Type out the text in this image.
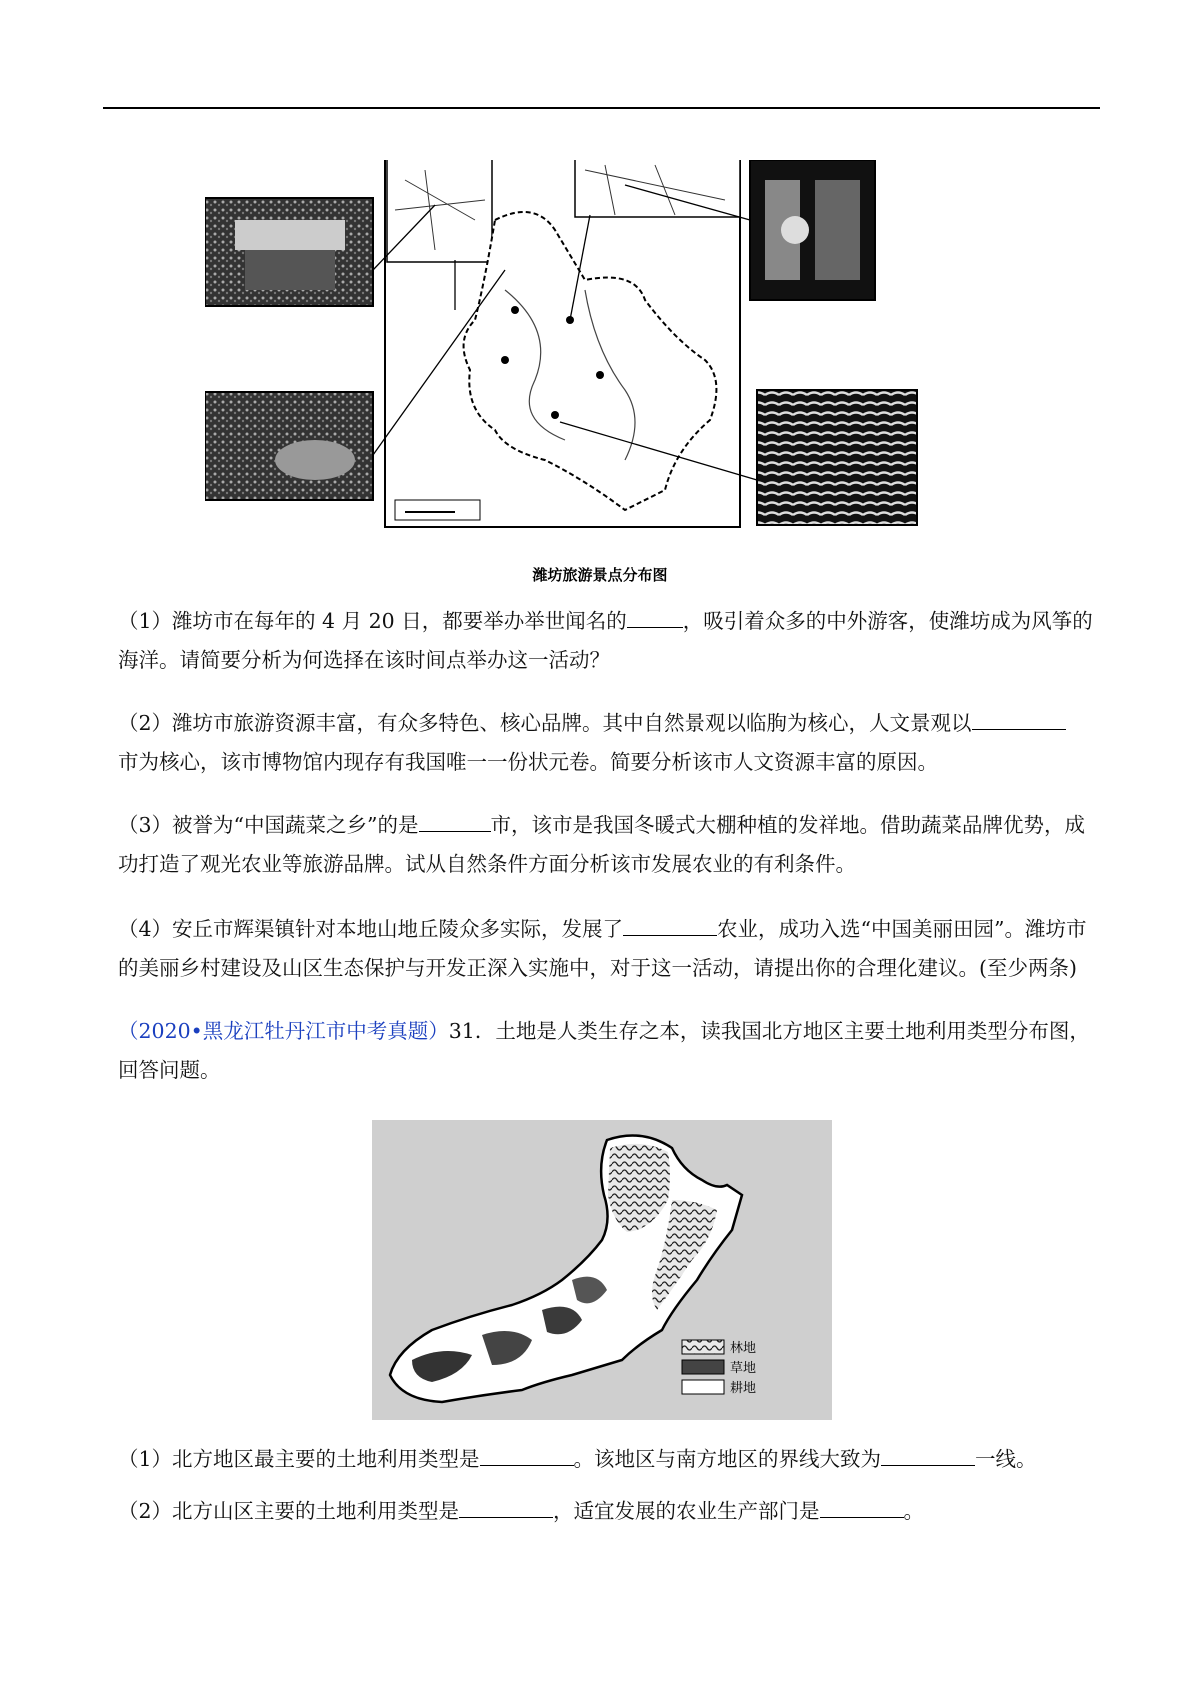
潍坊旅游景点分布图

（1）潍坊市在每年的 4 月 20 日，都要举办举世闻名的	，吸引着众多的中外游客，使潍坊成为风筝的
海洋。请简要分析为何选择在该时间点举办这一活动？

（2）潍坊市旅游资源丰富，有众多特色、核心品牌。其中自然景观以临朐为核心，人文景观以
市为核心，该市博物馆内现存有我国唯一一份状元卷。简要分析该市人文资源丰富的原因。

（3）被誉为“中国蔬菜之乡”的是	市，该市是我国冬暖式大棚种植的发祥地。借助蔬菜品牌优势，成
功打造了观光农业等旅游品牌。试从自然条件方面分析该市发展农业的有利条件。

（4）安丘市辉渠镇针对本地山地丘陵众多实际，发展了	农业，成功入选“中国美丽田园”。潍坊市
的美丽乡村建设及山区生态保护与开发正深入实施中，对于这一活动，请提出你的合理化建议。(至少两条)

（2020•黑龙江牡丹江市中考真题）31．土地是人类生存之本，读我国北方地区主要土地利用类型分布图，
回答问题。

林地
草地
耕地

（1）北方地区最主要的土地利用类型是	。该地区与南方地区的界线大致为	一线。

（2）北方山区主要的土地利用类型是	，适宜发展的农业生产部门是	。
